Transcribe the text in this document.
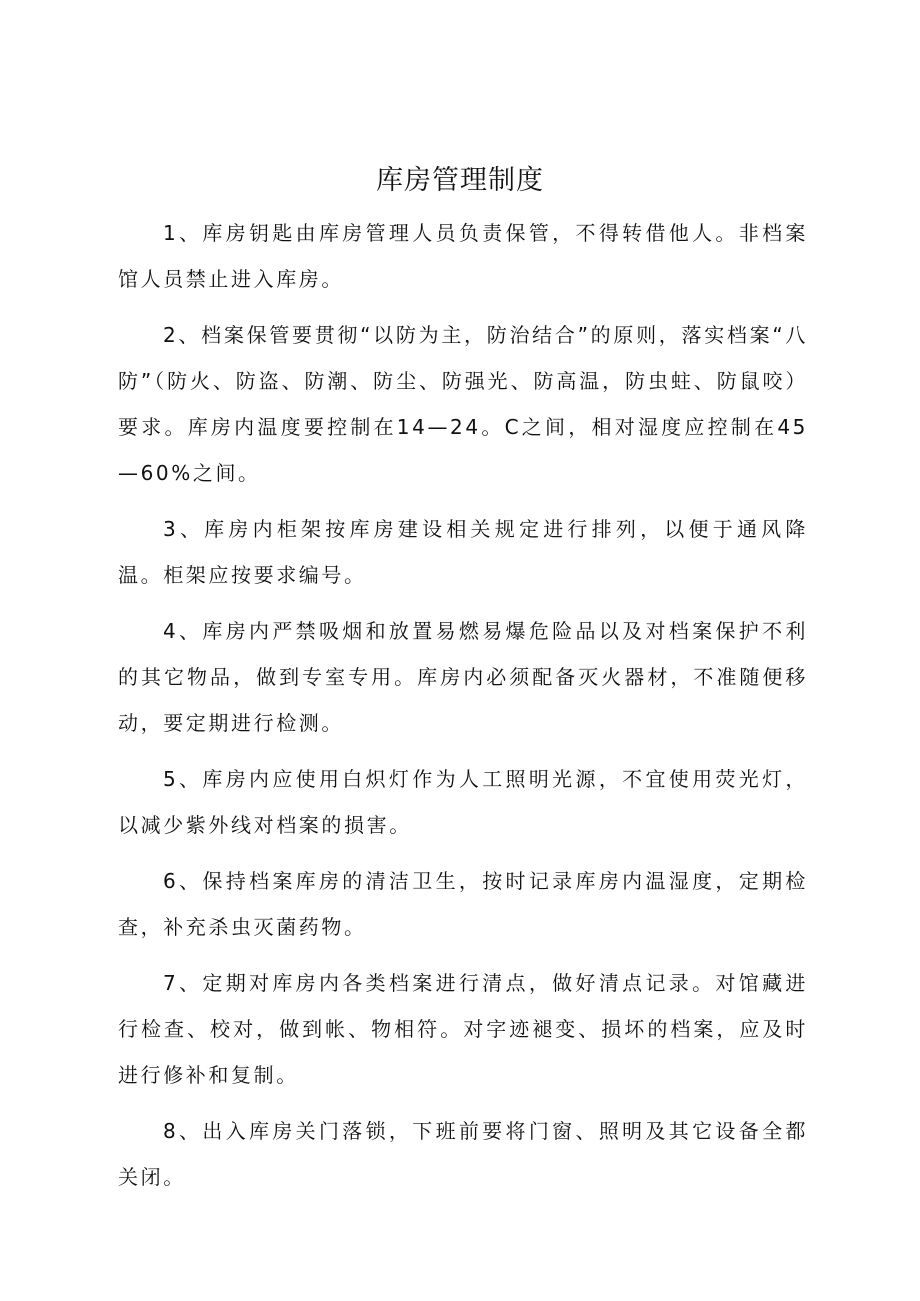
库房管理制度

1、库房钥匙由库房管理人员负责保管，不得转借他人。非档案馆人员禁止进入库房。

2、档案保管要贯彻“以防为主，防治结合”的原则，落实档案“八防”（防火、防盗、防潮、防尘、防强光、防高温，防虫蛀、防鼠咬）要求。库房内温度要控制在14—24。C之间，相对湿度应控制在45—60%之间。

3、库房内柜架按库房建设相关规定进行排列，以便于通风降温。柜架应按要求编号。

4、库房内严禁吸烟和放置易燃易爆危险品以及对档案保护不利的其它物品，做到专室专用。库房内必须配备灭火器材，不准随便移动，要定期进行检测。

5、库房内应使用白炽灯作为人工照明光源，不宜使用荧光灯，以减少紫外线对档案的损害。

6、保持档案库房的清洁卫生，按时记录库房内温湿度，定期检查，补充杀虫灭菌药物。

7、定期对库房内各类档案进行清点，做好清点记录。对馆藏进行检查、校对，做到帐、物相符。对字迹褪变、损坏的档案，应及时进行修补和复制。

8、出入库房关门落锁，下班前要将门窗、照明及其它设备全都关闭。
